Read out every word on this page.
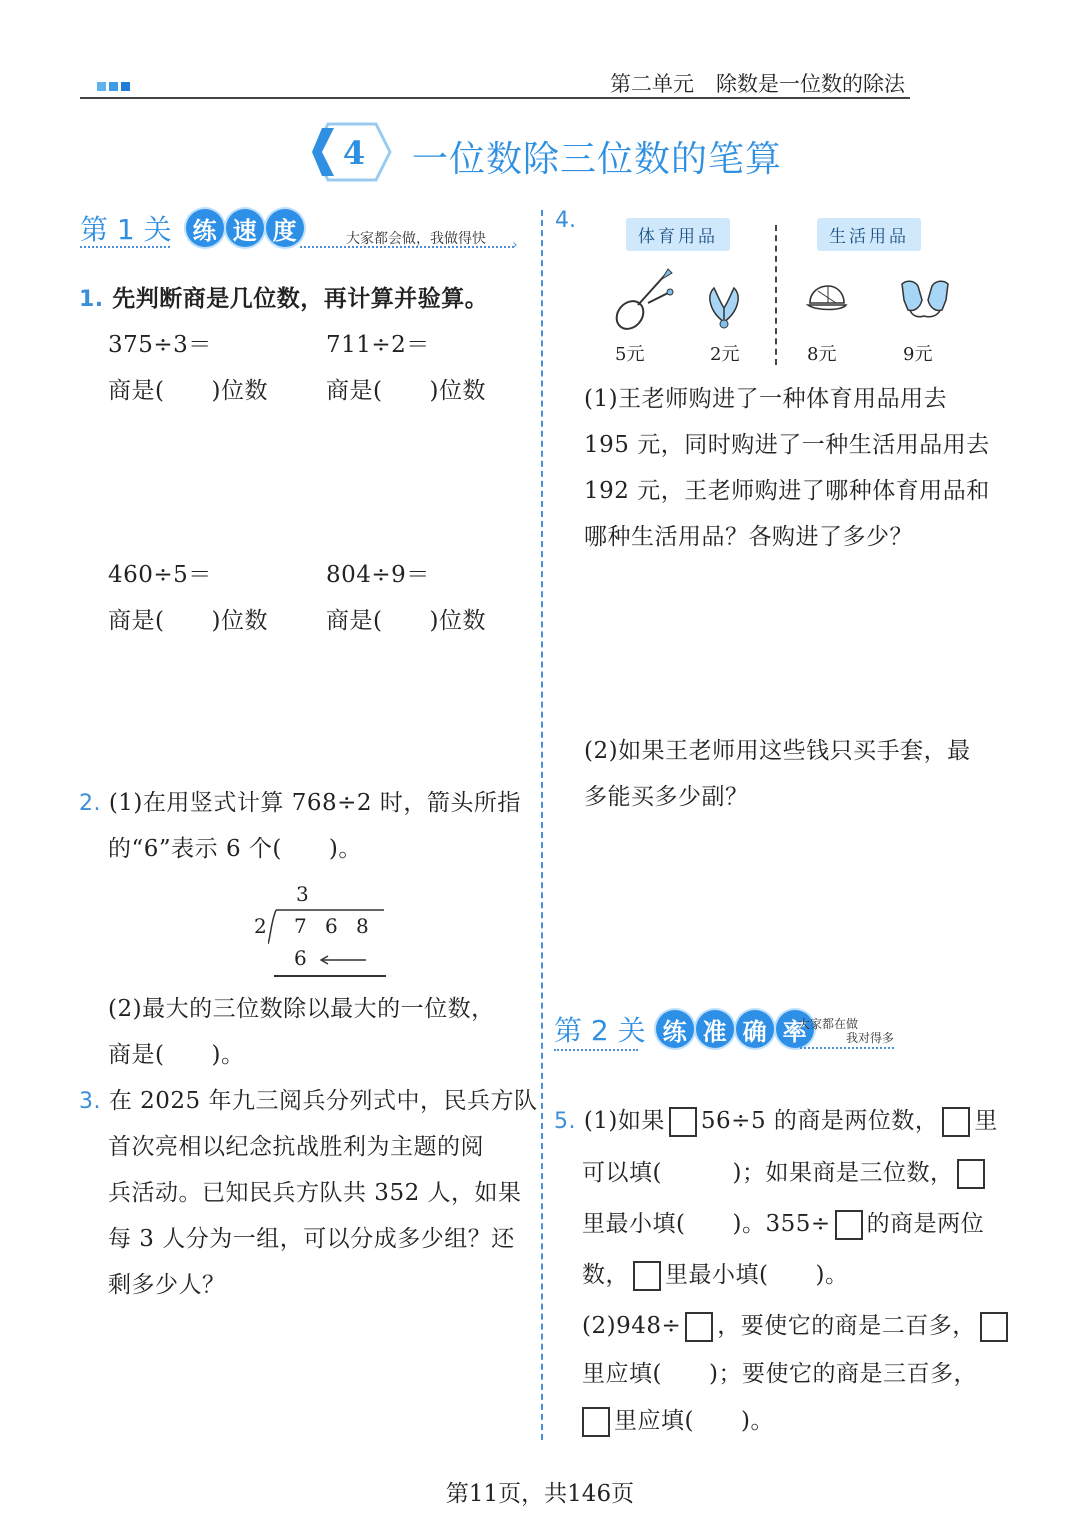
第二单元 除数是一位数的除法
4 一位数除三位数的笔算
第 1 关 练 速 度	大家都会做，我做得快 ›
1. 先判断商是几位数，再计算并验算。
375÷3＝	711÷2＝
商是(　　)位数	商是(　　)位数
460÷5＝	804÷9＝
商是(　　)位数	商是(　　)位数
2. (1)在用竖式计算 768÷2 时，箭头所指
的“6”表示 6 个(　　)。
3
2 7 6 8
6
(2)最大的三位数除以最大的一位数，
商是(　　)。
3. 在 2025 年九三阅兵分列式中，民兵方队
首次亮相以纪念抗战胜利为主题的阅
兵活动。已知民兵方队共 352 人，如果
每 3 人分为一组，可以分成多少组？还
剩多少人？
4.
体育用品	生活用品
5元	2元	8元	9元
(1)王老师购进了一种体育用品用去
195 元，同时购进了一种生活用品用去
192 元，王老师购进了哪种体育用品和
哪种生活用品？各购进了多少？
(2)如果王老师用这些钱只买手套，最
多能买多少副？
第 2 关 练 准 确 率
大家都在做
我对得多
5. (1)如果 56÷5 的商是两位数， 里
可以填(　　　)；如果商是三位数，
里最小填(　　)。355÷ 的商是两位
数， 里最小填(　　)。
(2)948÷ ，要使它的商是二百多，
里应填(　　)；要使它的商是三百多，
里应填(　　)。
第11页，共146页
